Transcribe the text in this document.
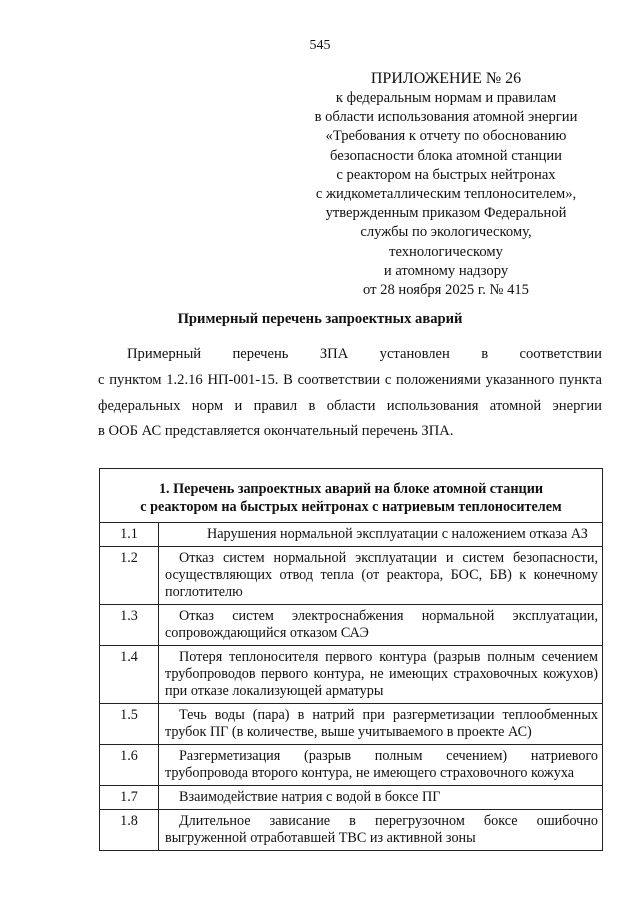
545
ПРИЛОЖЕНИЕ № 26
к федеральным нормам и правилам
в области использования атомной энергии
«Требования к отчету по обоснованию
безопасности блока атомной станции
с реактором на быстрых нейтронах
с жидкометаллическим теплоносителем»,
утвержденным приказом Федеральной
службы по экологическому,
технологическому
и атомному надзору
от 28 ноября 2025 г. № 415
Примерный перечень запроектных аварий
Примерный перечень ЗПА установлен в соответствии
с пунктом 1.2.16 НП-001-15. В соответствии с положениями указанного пункта
федеральных норм и правил в области использования атомной энергии
в ООБ АС представляется окончательный перечень ЗПА.
1. Перечень запроектных аварий на блоке атомной станции
с реактором на быстрых нейтронах с натриевым теплоносителем	

1.1	Нарушения нормальной эксплуатации с наложением отказа АЗ

1.2	Отказ систем нормальной эксплуатации и систем безопасности,
осуществляющих отвод тепла (от реактора, БОС, БВ) к конечному
поглотителю

1.3	Отказ систем электроснабжения нормальной эксплуатации,
сопровождающийся отказом САЭ

1.4	Потеря теплоносителя первого контура (разрыв полным сечением
трубопроводов первого контура, не имеющих страховочных кожухов)
при отказе локализующей арматуры

1.5	Течь воды (пара) в натрий при разгерметизации теплообменных
трубок ПГ (в количестве, выше учитываемого в проекте АС)

1.6	Разгерметизация (разрыв полным сечением) натриевого
трубопровода второго контура, не имеющего страховочного кожуха

1.7	Взаимодействие натрия с водой в боксе ПГ

1.8	Длительное зависание в перегрузочном боксе ошибочно
выгруженной отработавшей ТВС из активной зоны
